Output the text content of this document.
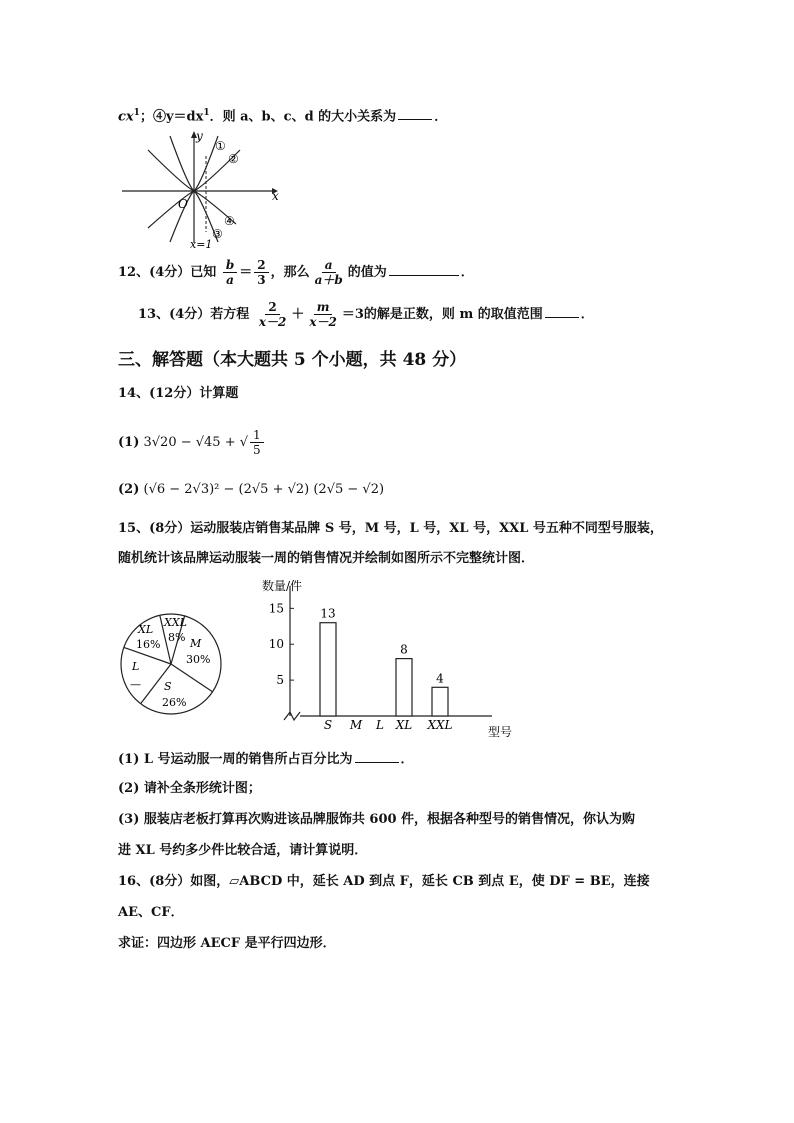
$cx^1$；$④y=dx^1$．则 a、b、c、d 的大小关系为	．
y
x
O
①
②
③
④
x=1
12、(4分）已知 $\frac{b}{a} = \frac{2}{3}$ ，那么 $\frac{a}{a+b}$ 的值为	．
13、(4分）若方程 $\frac{2}{x-2} + \frac{m}{x-2} =3$的解是正数，则 m 的取值范围	．
三、解答题（本大题共 5 个小题，共 48 分）
14、(12分）计算题
(1) 3√20 − √45 + √ $\frac{1}{5}$
(2) (√6 − 2√3)² − (2√5 + √2) (2√5 − √2)
15、(8分）运动服装店销售某品牌 S 号，M 号，L 号，XL 号，XXL 号五种不同型号服装，
随机统计该品牌运动服装一周的销售情况并绘制如图所示不完整统计图．
XXL
8% M
30%
S
26%
L
—
XL
16%
数量/件
型号
5
10
15
S
13
M L XL
8
XXL
4
(1) L 号运动服一周的销售所占百分比为	．
(2) 请补全条形统计图；
(3) 服装店老板打算再次购进该品牌服饰共 600 件，根据各种型号的销售情况，你认为购
进 XL 号约多少件比较合适，请计算说明．
16、(8分）如图，▱ABCD 中，延长 AD 到点 F，延长 CB 到点 E，使 DF = BE，连接
AE、CF．
求证：四边形 AECF 是平行四边形．
